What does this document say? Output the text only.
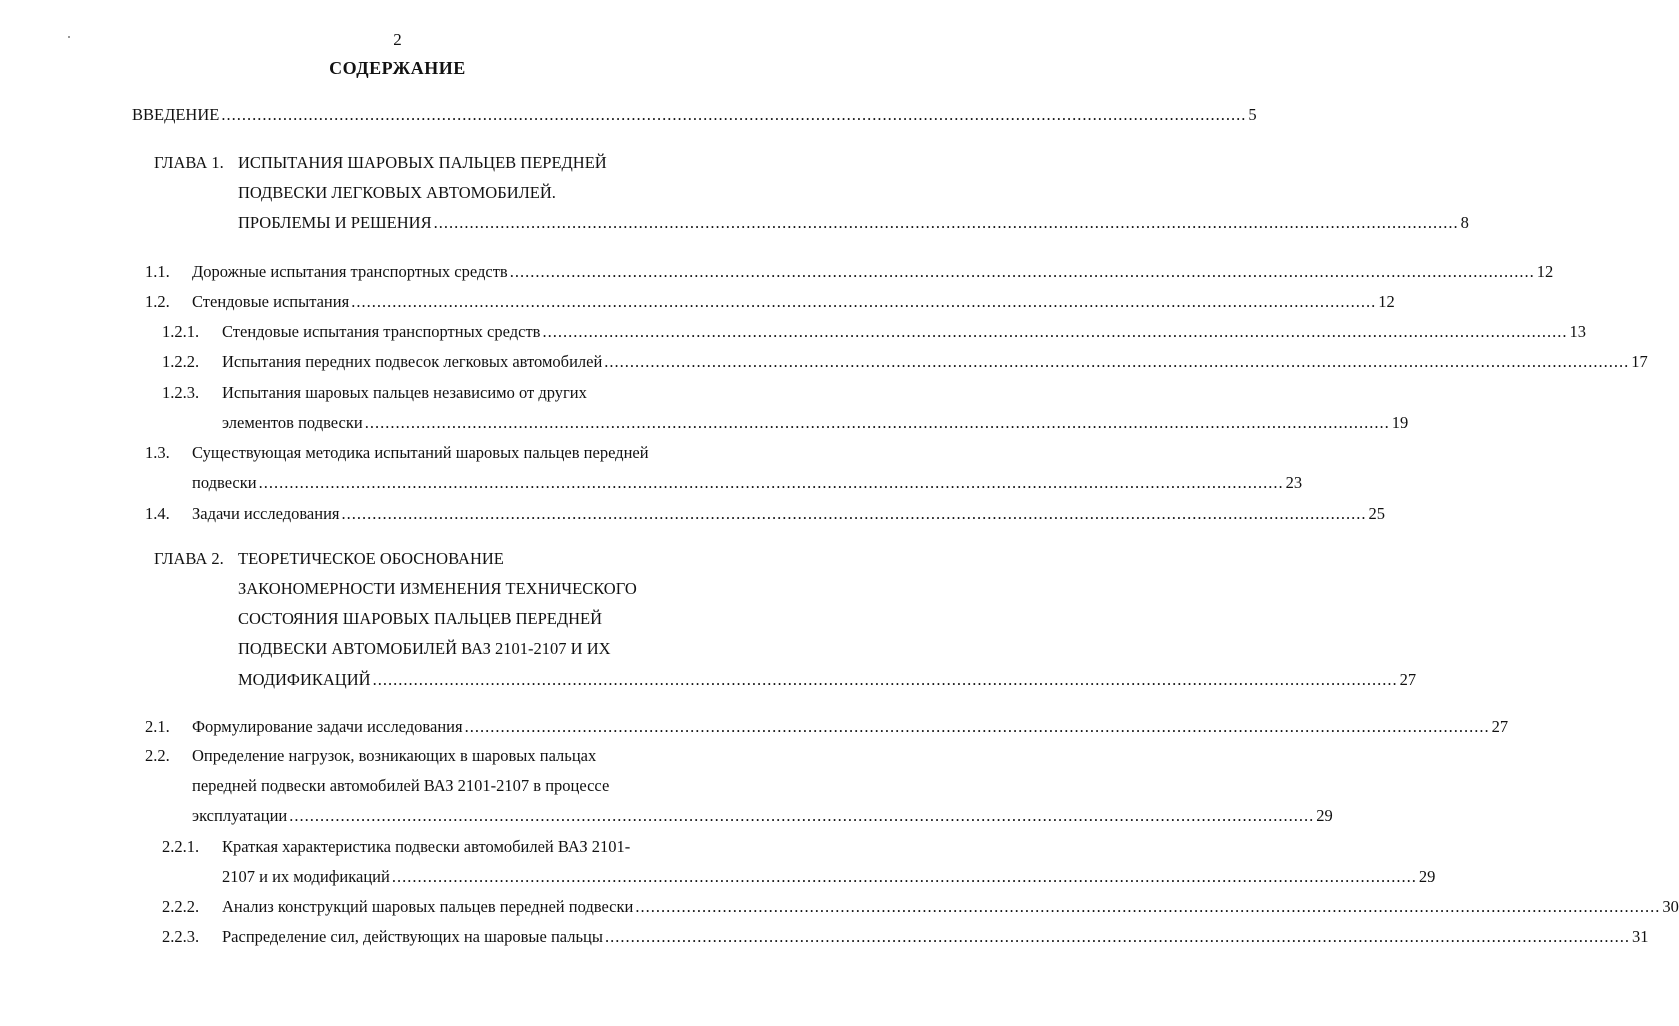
2
СОДЕРЖАНИЕ
ВВЕДЕНИЕ ........................................................................................................................................................................................................ 5
ГЛАВА 1. ИСПЫТАНИЯ ШАРОВЫХ ПАЛЬЦЕВ ПЕРЕДНЕЙ
ПОДВЕСКИ ЛЕГКОВЫХ АВТОМОБИЛЕЙ.
ПРОБЛЕМЫ И РЕШЕНИЯ ........................................................................................................................................................................................................ 8
1.1. Дорожные испытания транспортных средств ........................................................................................................................................................................................................ 12
1.2. Стендовые испытания ........................................................................................................................................................................................................ 12
1.2.1. Стендовые испытания транспортных средств ........................................................................................................................................................................................................ 13
1.2.2. Испытания передних подвесок легковых автомобилей ........................................................................................................................................................................................................ 17
1.2.3. Испытания шаровых пальцев независимо от других
элементов подвески ........................................................................................................................................................................................................ 19
1.3. Существующая методика испытаний шаровых пальцев передней
подвески ........................................................................................................................................................................................................ 23
1.4. Задачи исследования ........................................................................................................................................................................................................ 25
ГЛАВА 2. ТЕОРЕТИЧЕСКОЕ ОБОСНОВАНИЕ
ЗАКОНОМЕРНОСТИ ИЗМЕНЕНИЯ ТЕХНИЧЕСКОГО
СОСТОЯНИЯ ШАРОВЫХ ПАЛЬЦЕВ ПЕРЕДНЕЙ
ПОДВЕСКИ АВТОМОБИЛЕЙ ВАЗ 2101-2107 И ИХ
МОДИФИКАЦИЙ ........................................................................................................................................................................................................ 27
2.1. Формулирование задачи исследования ........................................................................................................................................................................................................ 27
2.2. Определение нагрузок, возникающих в шаровых пальцах
передней подвески автомобилей ВАЗ 2101-2107 в процессе
эксплуатации ........................................................................................................................................................................................................ 29
2.2.1. Краткая характеристика подвески автомобилей ВАЗ 2101-
2107 и их модификаций ........................................................................................................................................................................................................ 29
2.2.2. Анализ конструкций шаровых пальцев передней подвески ........................................................................................................................................................................................................ 30
2.2.3. Распределение сил, действующих на шаровые пальцы ........................................................................................................................................................................................................ 31
